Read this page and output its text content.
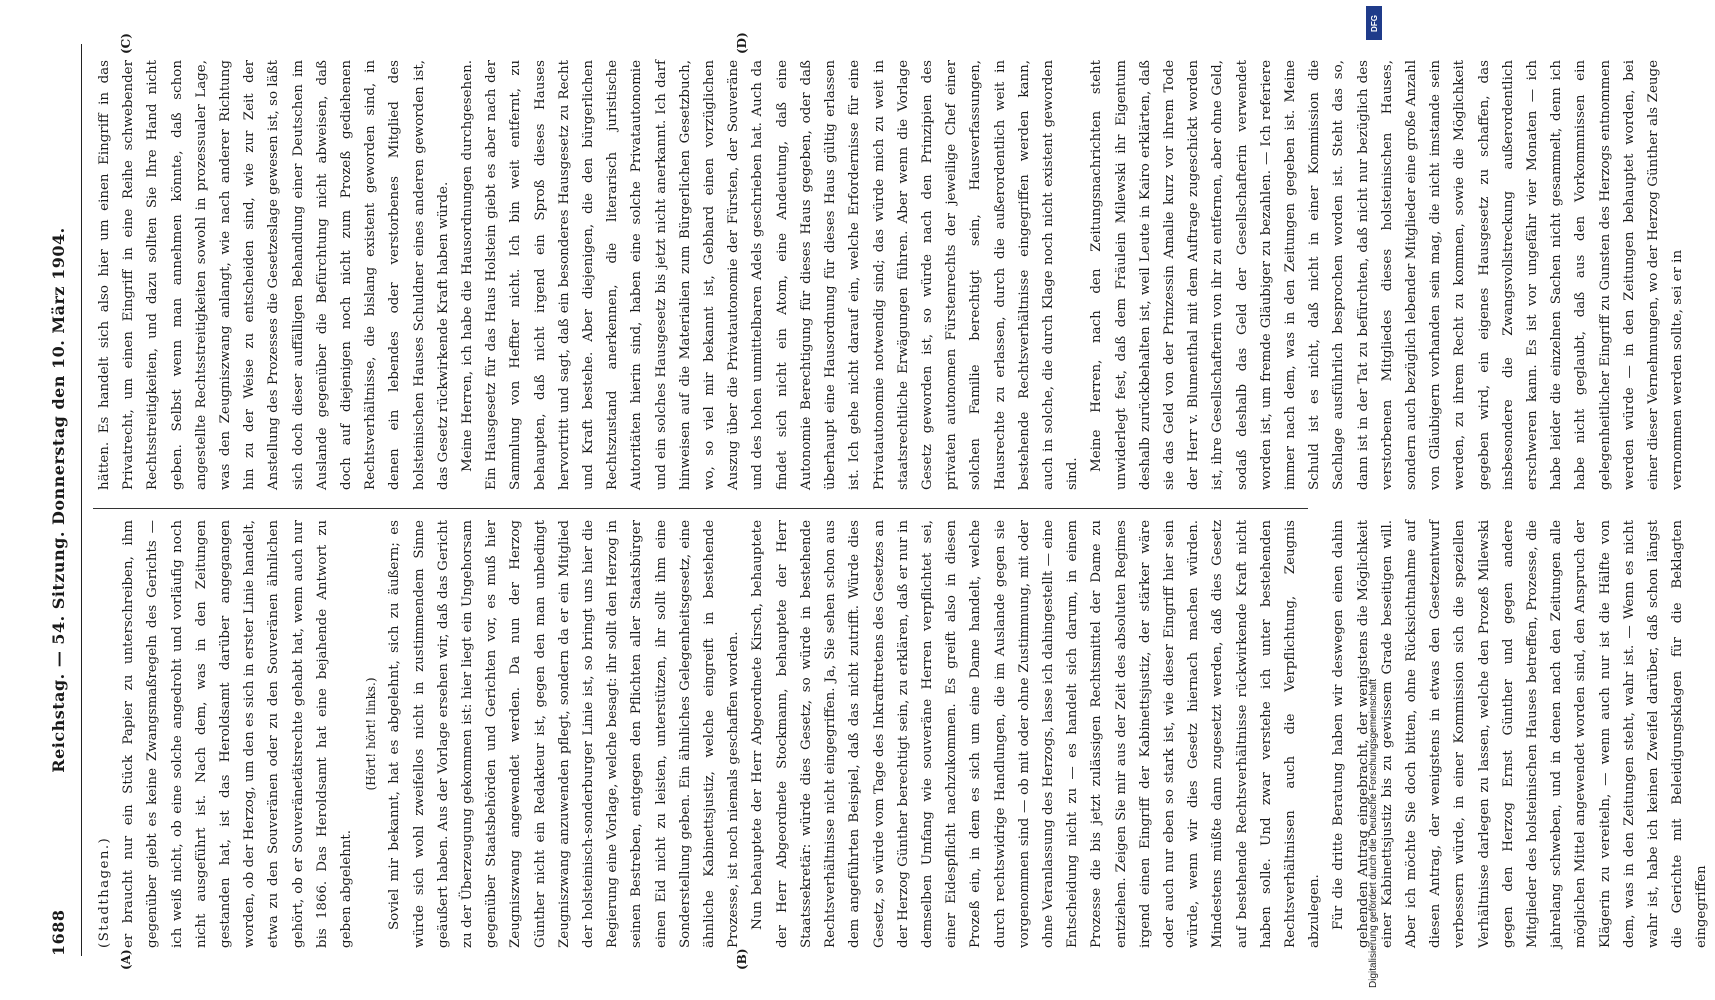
1688
Reichstag. — 54. Sitzung. Donnerstag den 10. März 1904.
(A)	(B)
(C)	(D)

(Stadthagen.) er braucht nur ein Stück Papier zu unterschreiben, ihm gegenüber giebt es keine Zwangsmaßregeln des Gerichts — ich weiß nicht, ob eine solche angedroht und vorläufig noch nicht ausgeführt ist. Nach dem, was in den Zeitungen gestanden hat, ist das Heroldsamt darüber angegangen worden, ob der Herzog, um den es sich in erster Linie handelt, etwa zu den Souveränen oder zu den Souveränen ähnlichen gehört, ob er Souveränetätsrechte gehabt hat, wenn auch nur bis 1866. Das Heroldsamt hat eine bejahende Antwort zu geben abgelehnt.

(Hört! hört! links.) Soviel mir bekannt, hat es abgelehnt, sich zu äußern; es würde sich wohl zweifellos nicht in zustimmendem Sinne geäußert haben. Aus der Vorlage ersehen wir, daß das Gericht zu der Überzeugung gekommen ist: hier liegt ein Ungehorsam gegenüber Staatsbehörden und Gerichten vor, es muß hier Zeugniszwang angewendet werden. Da nun der Herzog Günther nicht ein Redakteur ist, gegen den man unbedingt Zeugniszwang anzuwenden pflegt, sondern da er ein Mitglied der holsteinisch-sonderburger Linie ist, so bringt uns hier die Regierung eine Vorlage, welche besagt: ihr sollt den Herzog in seinen Bestreben, entgegen den Pflichten aller Staatsbürger einen Eid nicht zu leisten, unterstützen, ihr sollt ihm eine Sonderstellung geben. Ein ähnliches Gelegenheitsgesetz, eine ähnliche Kabinettsjustiz, welche eingreift in bestehende Prozesse, ist noch niemals geschaffen worden. Nun behauptete der Herr Abgeordnete Kirsch, behauptete der Herr Abgeordnete Stockmann, behauptete der Herr Staatssekretär: würde dies Gesetz, so würde in bestehende Rechtsverhältnisse nicht eingegriffen. Ja, Sie sehen schon aus dem angeführten Beispiel, daß das nicht zutrifft. Würde dies Gesetz, so würde vom Tage des Inkrafttretens des Gesetzes an der Herzog Günther berechtigt sein, zu erklären, daß er nur in demselben Umfang wie souveräne Herren verpflichtet sei, einer Eidespflicht nachzukommen. Es greift also in diesen Prozeß ein, in dem es sich um eine Dame handelt, welche durch rechtswidrige Handlungen, die im Auslande gegen sie vorgenommen sind — ob mit oder ohne Zustimmung, mit oder ohne Veranlassung des Herzogs, lasse ich dahingestellt — eine Entscheidung nicht zu — es handelt sich darum, in einem Prozesse die bis jetzt zulässigen Rechtsmittel der Dame zu entziehen. Zeigen Sie mir aus der Zeit des absoluten Regimes irgend einen Eingriff der Kabinettsjustiz, der stärker wäre oder auch nur eben so stark ist, wie dieser Eingriff hier sein würde, wenn wir dies Gesetz hiernach machen würden. Mindestens müßte dann zugesetzt werden, daß dies Gesetz auf bestehende Rechtsverhältnisse rückwirkende Kraft nicht haben solle. Und zwar verstehe ich unter bestehenden Rechtsverhältnissen auch die Verpflichtung, Zeugnis abzulegen. Für die dritte Beratung haben wir deswegen einen dahin gehenden Antrag eingebracht, der wenigstens die Möglichkeit einer Kabinettsjustiz bis zu gewissem Grade beseitigen will. Aber ich möchte Sie doch bitten, ohne Rücksichtnahme auf diesen Antrag, der wenigstens in etwas den Gesetzentwurf verbessern würde, in einer Kommission sich die speziellen Verhältnisse darlegen zu lassen, welche den Prozeß Milewski gegen den Herzog Ernst Günther und gegen andere Mitglieder des holsteinischen Hauses betreffen, Prozesse, die jahrelang schweben, und in denen nach den Zeitungen alle möglichen Mittel angewendet worden sind, den Anspruch der Klägerin zu vereiteln, — wenn auch nur ist die Hälfte von dem, was in den Zeitungen steht, wahr ist. — Wenn es nicht wahr ist, habe ich keinen Zweifel darüber, daß schon längst die Gerichte mit Beleidigungsklagen für die Beklagten eingegriffen

hätten. Es handelt sich also hier um einen Eingriff in das Privatrecht, um einen Eingriff in eine Reihe schwebender Rechtsstreitigkeiten, und dazu sollten Sie Ihre Hand nicht geben. Selbst wenn man annehmen könnte, daß schon angestellte Rechtsstreitigkeiten sowohl in prozessualer Lage, was den Zeugniszwang anlangt, wie nach anderer Richtung hin zu der Weise zu entscheiden sind, wie zur Zeit der Anstellung des Prozesses die Gesetzeslage gewesen ist, so läßt sich doch dieser auffälligen Behandlung einer Deutschen im Auslande gegenüber die Befürchtung nicht abweisen, daß doch auf diejenigen noch nicht zum Prozeß gediehenen Rechtsverhältnisse, die bislang existent geworden sind, in denen ein lebendes oder verstorbenes Mitglied des holsteinischen Hauses Schuldner eines anderen geworden ist, das Gesetz rückwirkende Kraft haben würde. Meine Herren, ich habe die Hausordnungen durchgesehen. Ein Hausgesetz für das Haus Holstein giebt es aber nach der Sammlung von Heffter nicht. Ich bin weit entfernt, zu behaupten, daß nicht irgend ein Sproß dieses Hauses hervortritt und sagt, daß ein besonderes Hausgesetz zu Recht und Kraft bestehe. Aber diejenigen, die den bürgerlichen Rechtszustand anerkennen, die literarisch juristische Autoritäten hierin sind, haben eine solche Privatautonomie und ein solches Hausgesetz bis jetzt nicht anerkannt. Ich darf hinweisen auf die Materialien zum Bürgerlichen Gesetzbuch, wo, so viel mir bekannt ist, Gebhard einen vorzüglichen Auszug über die Privatautonomie der Fürsten, der Souveräne und des hohen unmittelbaren Adels geschrieben hat. Auch da findet sich nicht ein Atom, eine Andeutung, daß eine Autonomie Berechtigung für dieses Haus gegeben, oder daß überhaupt eine Hausordnung für dieses Haus gültig erlassen ist. Ich gehe nicht darauf ein, welche Erfordernisse für eine Privatautonomie notwendig sind; das würde mich zu weit in staatsrechtliche Erwägungen führen. Aber wenn die Vorlage Gesetz geworden ist, so würde nach den Prinzipien des privaten autonomen Fürstenrechts der jeweilige Chef einer solchen Familie berechtigt sein, Hausverfassungen, Hausrechte zu erlassen, durch die außerordentlich weit in bestehende Rechtsverhältnisse eingegriffen werden kann, auch in solche, die durch Klage noch nicht existent geworden sind.

Meine Herren, nach den Zeitungsnachrichten steht unwiderlegt fest, daß dem Fräulein Milewski ihr Eigentum deshalb zurückbehalten ist, weil Leute in Kairo erklärten, daß sie das Geld von der Prinzessin Amalie kurz vor ihrem Tode der Herr v. Blumenthal mit dem Auftrage zugeschickt worden ist, ihre Gesellschafterin von ihr zu entfernen, aber ohne Geld, sodaß deshalb das Geld der Gesellschafterin verwendet worden ist, um fremde Gläubiger zu bezahlen. — Ich referiere immer nach dem, was in den Zeitungen gegeben ist. Meine Schuld ist es nicht, daß nicht in einer Kommission die Sachlage ausführlich besprochen worden ist. Steht das so, dann ist in der Tat zu befürchten, daß nicht nur bezüglich des verstorbenen Mitgliedes dieses holsteinischen Hauses, sondern auch bezüglich lebender Mitglieder eine große Anzahl von Gläubigern vorhanden sein mag, die nicht imstande sein werden, zu ihrem Recht zu kommen, sowie die Möglichkeit gegeben wird, ein eigenes Hausgesetz zu schaffen, das insbesondere die Zwangsvollstreckung außerordentlich erschweren kann. Es ist vor ungefähr vier Monaten — ich habe leider die einzelnen Sachen nicht gesammelt, denn ich habe nicht geglaubt, daß aus den Vorkommnissen ein gelegenheitlicher Eingriff zu Gunsten des Herzogs entnommen werden würde — in den Zeitungen behauptet worden, bei einer dieser Vernehmungen, wo der Herzog Günther als Zeuge vernommen werden sollte, sei er in

DFG
Digitalisierung gefördert durch die Deutsche Forschungsgemeinschaft
